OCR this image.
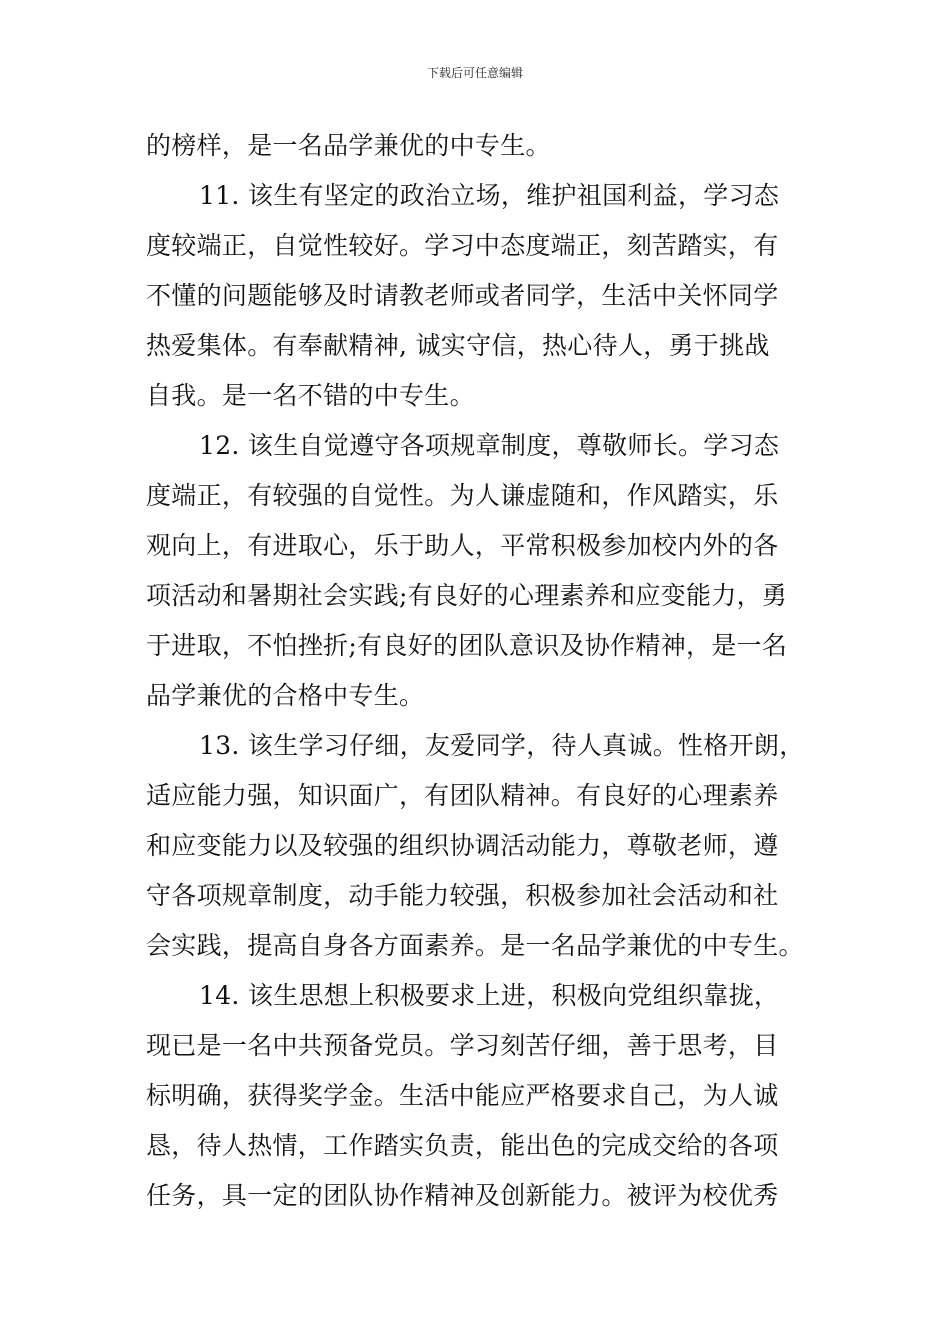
下载后可任意编辑
的榜样，是一名品学兼优的中专生。
11. 该生有坚定的政治立场，维护祖国利益，学习态
度较端正，自觉性较好。学习中态度端正，刻苦踏实，有
不懂的问题能够及时请教老师或者同学，生活中关怀同学
热爱集体。有奉献精神, 诚实守信，热心待人，勇于挑战
自我。是一名不错的中专生。
12. 该生自觉遵守各项规章制度，尊敬师长。学习态
度端正，有较强的自觉性。为人谦虚随和，作风踏实，乐
观向上，有进取心，乐于助人，平常积极参加校内外的各
项活动和暑期社会实践;有良好的心理素养和应变能力，勇
于进取，不怕挫折;有良好的团队意识及协作精神，是一名
品学兼优的合格中专生。
13. 该生学习仔细，友爱同学，待人真诚。性格开朗，
适应能力强，知识面广，有团队精神。有良好的心理素养
和应变能力以及较强的组织协调活动能力，尊敬老师，遵
守各项规章制度，动手能力较强，积极参加社会活动和社
会实践，提高自身各方面素养。是一名品学兼优的中专生。
14. 该生思想上积极要求上进，积极向党组织靠拢，
现已是一名中共预备党员。学习刻苦仔细，善于思考，目
标明确，获得奖学金。生活中能应严格要求自己，为人诚
恳，待人热情，工作踏实负责，能出色的完成交给的各项
任务，具一定的团队协作精神及创新能力。被评为校优秀
